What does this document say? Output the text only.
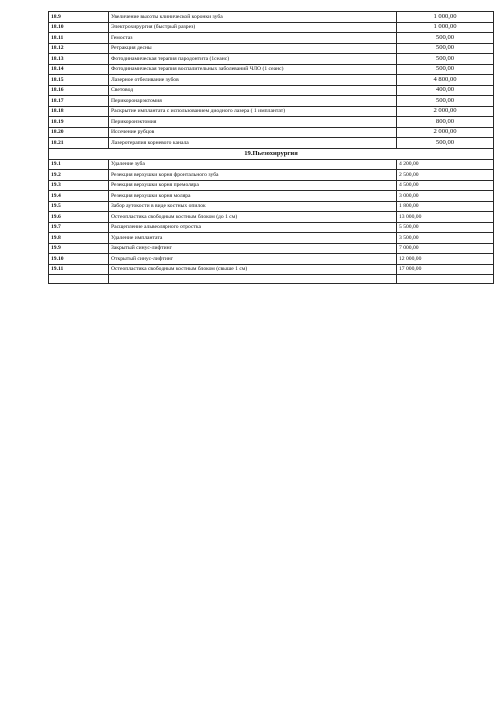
18.9	Увеличение высоты клинической коронки зуба	1 000,00
18.10	Электрохирургия (быстрый разрез)	1 000,00
18.11	Гемостаз	500,00
18.12	Ретракция десны	500,00
18.13	Фотодинамическая терапия пародонтита (1сеанс)	500,00
18.14	Фотодинамическая терапия воспалительных заболеваний ЧЛО (1 сеанс)	500,00
18.15	Лазерное отбеливание зубов	4 800,00
18.16	Световод	400,00
18.17	Перикоронарэктомия	500,00
18.18	Раскрытие имплантата с использованием диодного лазера ( 1 имплантат)	2 000,00
18.19	Перикоронэктомия	800,00
18.20	Иссечение рубцов	2 000,00
18.21	Лазеротерапия корневого канала	500,00
19.Пьезохирургия		
19.1	Удаление зуба	4 200,00
19.2	Резекция верхушки корня фронтального зуба	2 500,00
19.3	Резекция верхушки корня премоляра	4 500,00
19.4	Резекция верхушки корня моляра	3 000,00
19.5	Забор аутокости в виде костных опилок	1 800,00
19.6	Остеопластика свободным костным блоком (до 1 см)	13 000,00
19.7	Расщепление альвеолярного отростка	5 500,00
19.8	Удаление имплантата	3 500,00
19.9	Закрытый синус-лифтинг	7 000,00
19.10	Открытый синус-лифтинг	12 000,00
19.11	Остеопластика свободным костным блоком (свыше 1 см)	17 000,00
